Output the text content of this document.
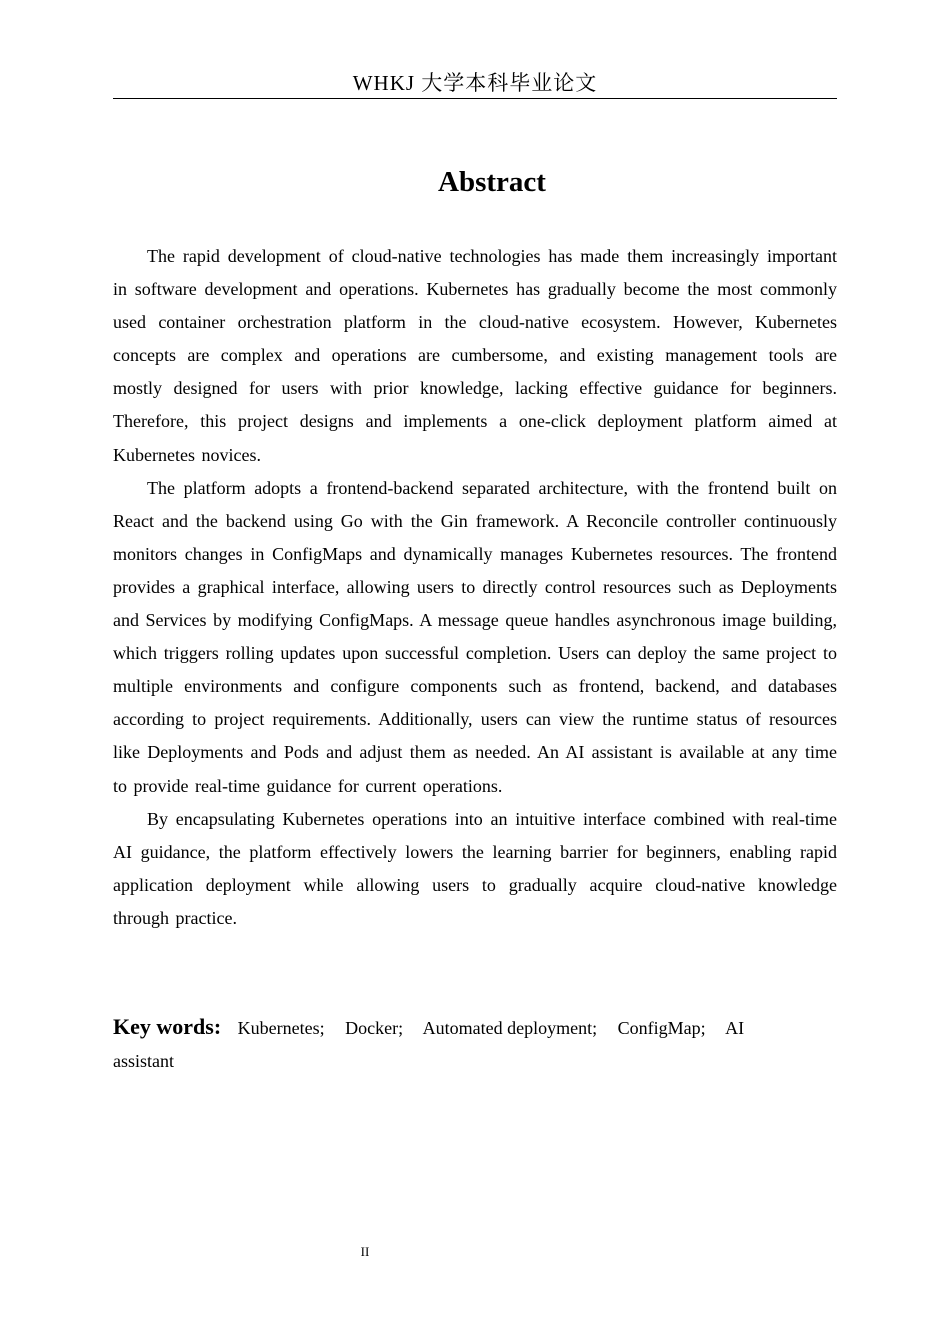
WHKJ 大学本科毕业论文
Abstract

The rapid development of cloud-native technologies has made them increasingly important in software development and operations. Kubernetes has gradually become the most commonly used container orchestration platform in the cloud-native ecosystem. However, Kubernetes concepts are complex and operations are cumbersome, and existing management tools are mostly designed for users with prior knowledge, lacking effective guidance for beginners. Therefore, this project designs and implements a one-click deployment platform aimed at Kubernetes novices.

The platform adopts a frontend-backend separated architecture, with the frontend built on React and the backend using Go with the Gin framework. A Reconcile controller continuously monitors changes in ConfigMaps and dynamically manages Kubernetes resources. The frontend provides a graphical interface, allowing users to directly control resources such as Deployments and Services by modifying ConfigMaps. A message queue handles asynchronous image building, which triggers rolling updates upon successful completion. Users can deploy the same project to multiple environments and configure components such as frontend, backend, and databases according to project requirements. Additionally, users can view the runtime status of resources like Deployments and Pods and adjust them as needed. An AI assistant is available at any time to provide real-time guidance for current operations.

By encapsulating Kubernetes operations into an intuitive interface combined with real-time AI guidance, the platform effectively lowers the learning barrier for beginners, enabling rapid application deployment while allowing users to gradually acquire cloud-native knowledge through practice.

Key words: Kubernetes; Docker; Automated deployment; ConfigMap; AI assistant
II
